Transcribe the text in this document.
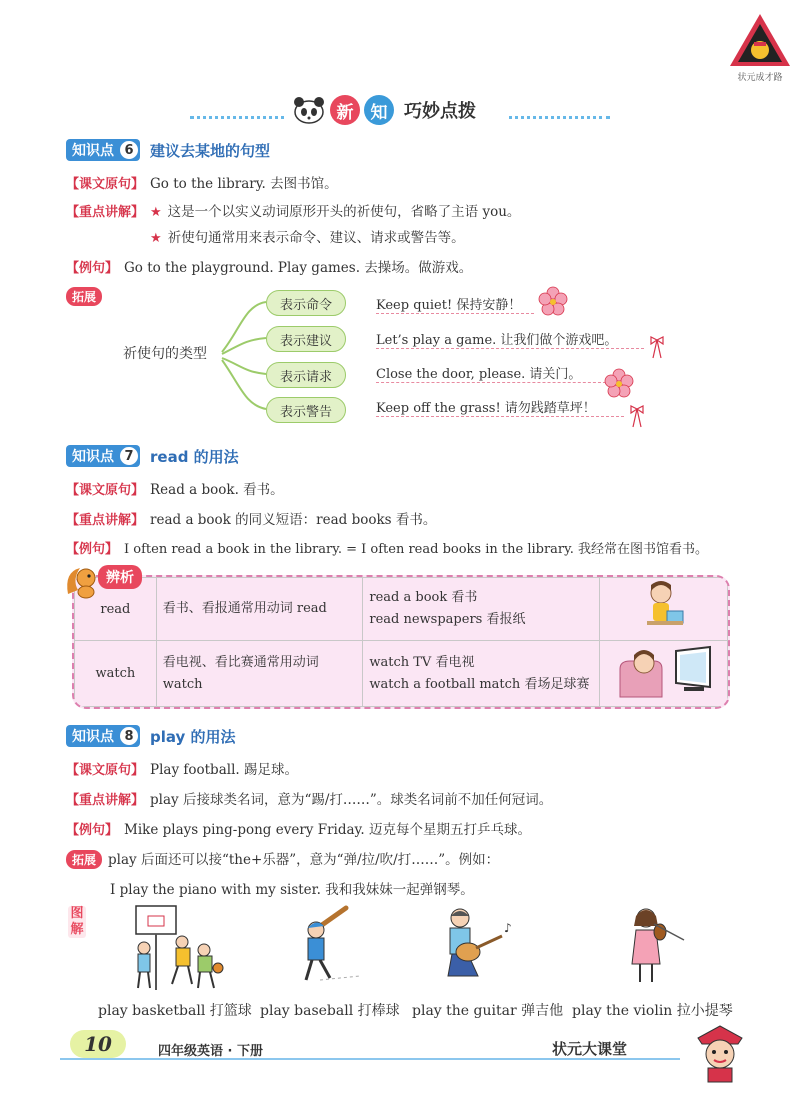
状元成才路
新	知 巧妙点拨
知识点 6	建议去某地的句型
【课文原句】 Go to the library. 去图书馆。
【重点讲解】 ★ 这是一个以实义动词原形开头的祈使句，省略了主语 you。
★ 祈使句通常用来表示命令、建议、请求或警告等。
【例句】 Go to the playground. Play games. 去操场。做游戏。
拓展
祈使句的类型
表示命令
表示建议
表示请求
表示警告
Keep quiet! 保持安静！
Let’s play a game. 让我们做个游戏吧。
Close the door, please. 请关门。
Keep off the grass! 请勿践踏草坪！
知识点 7	read 的用法
【课文原句】 Read a book. 看书。
【重点讲解】 read a book 的同义短语：read books 看书。
【例句】 I often read a book in the library. = I often read books in the library. 我经常在图书馆看书。
read	看书、看报通常用动词 read	read a book 看书
read newspapers 看报纸

watch	看电视、看比赛通常用动词 watch	watch TV 看电视
watch a football match 看场足球赛

辨析
知识点 8	play 的用法
【课文原句】 Play football. 踢足球。
【重点讲解】 play 后接球类名词，意为“踢/打……”。球类名词前不加任何冠词。
【例句】 Mike plays ping-pong every Friday. 迈克每个星期五打乒乓球。
拓展 play 后面还可以接“the+乐器”，意为“弹/拉/吹/打……”。例如：
I play the piano with my sister. 我和我妹妹一起弹钢琴。
图解	♪
play basketball 打篮球 play baseball 打棒球 play the guitar 弹吉他 play the violin 拉小提琴
10	四年级英语 · 下册	状元大课堂
